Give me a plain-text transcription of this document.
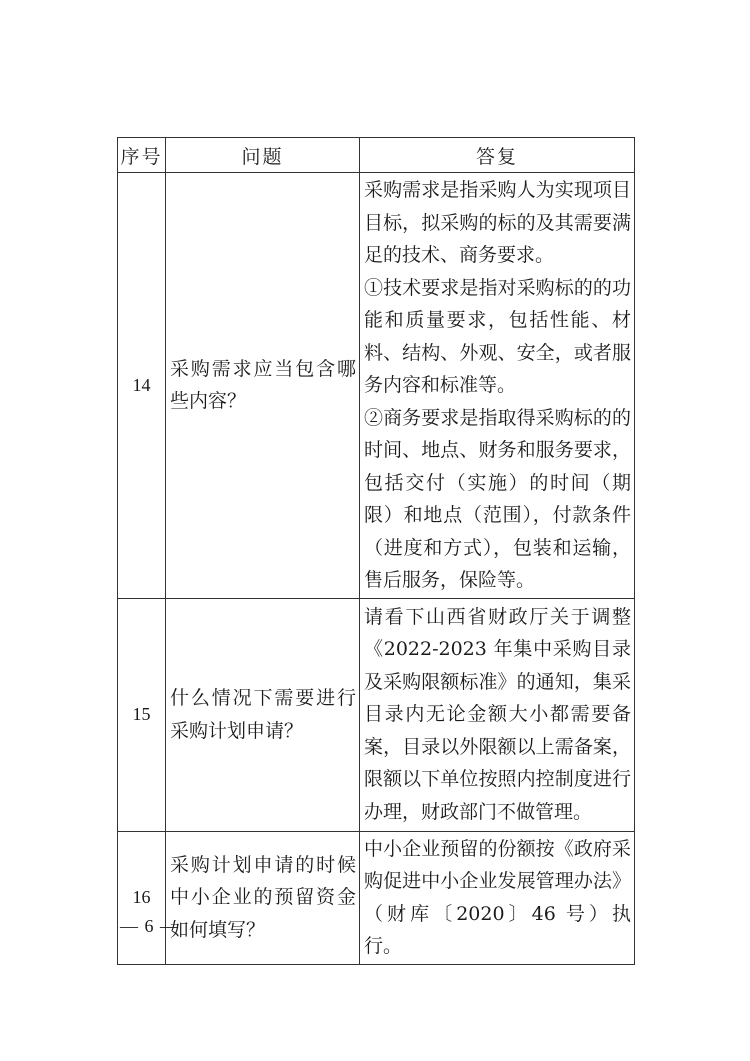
序号	问题	答复
14	采购需求应当包含哪些内容？	采购需求是指采购人为实现项目目标，拟采购的标的及其需要满足的技术、商务要求。

①技术要求是指对采购标的的功能和质量要求，包括性能、材料、结构、外观、安全，或者服务内容和标准等。

②商务要求是指取得采购标的的时间、地点、财务和服务要求，包括交付（实施）的时间（期限）和地点（范围），付款条件（进度和方式），包装和运输，售后服务，保险等。

15	什么情况下需要进行采购计划申请？	请看下山西省财政厅关于调整《2022-2023 年集中采购目录及采购限额标准》的通知，集采目录内无论金额大小都需要备案，目录以外限额以上需备案，限额以下单位按照内控制度进行办理，财政部门不做管理。

16	采购计划申请的时候中小企业的预留资金如何填写？	中小企业预留的份额按《政府采购促进中小企业发展管理办法》（财库〔2020〕46 号）执行。

— 6 —
